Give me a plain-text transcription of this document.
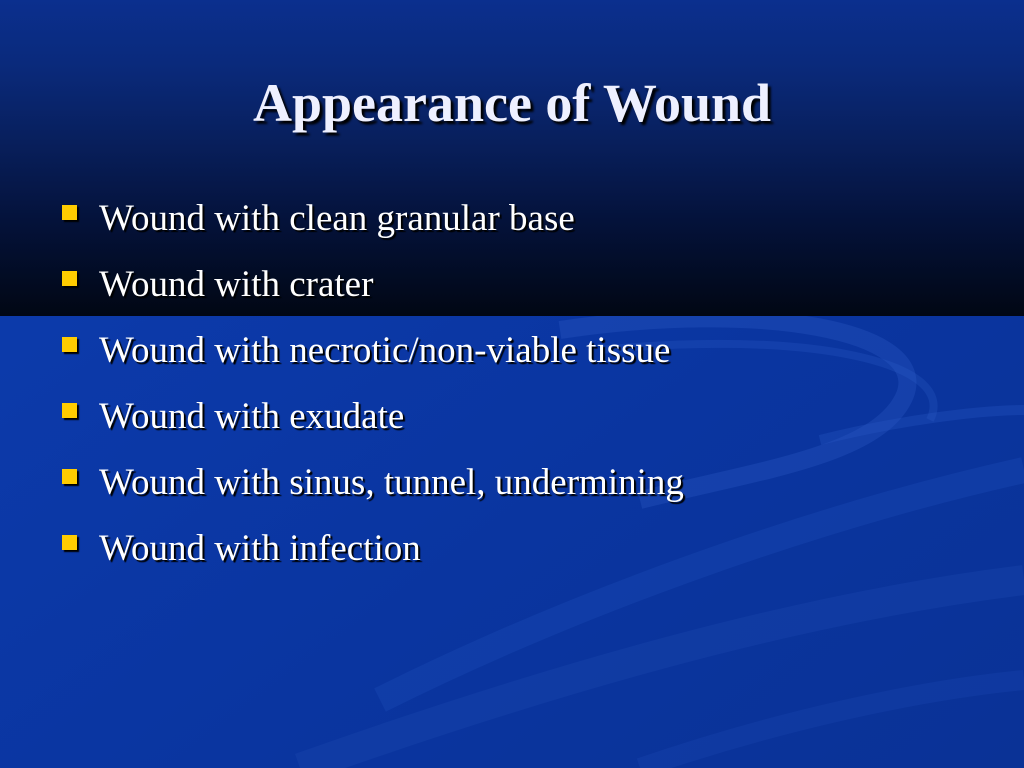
Appearance of Wound
Wound with clean granular base
Wound with crater
Wound with necrotic/non-viable tissue
Wound with exudate
Wound with sinus, tunnel, undermining
Wound with infection
